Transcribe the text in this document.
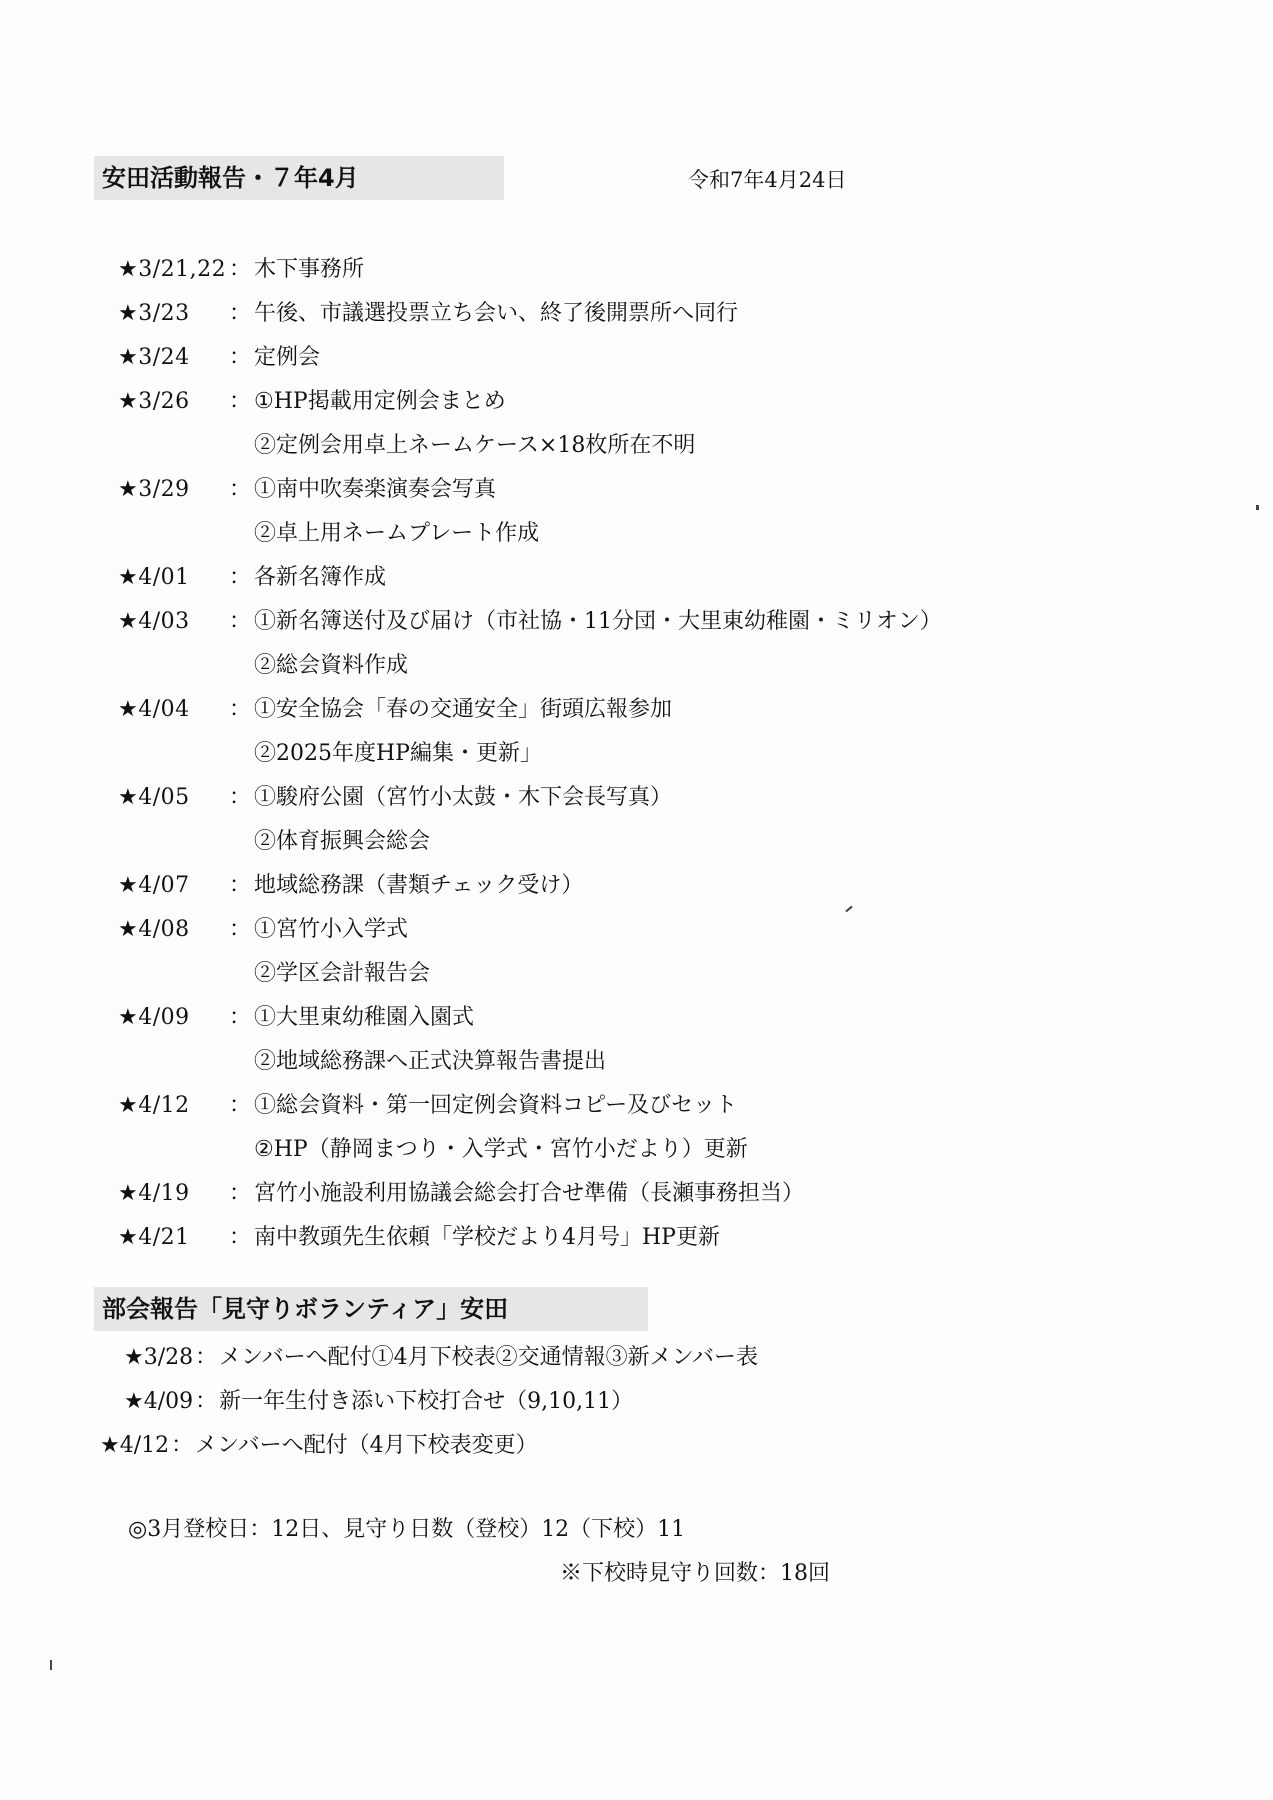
安田活動報告・７年4月	令和7年4月24日
★3/21,22 ： 木下事務所
★3/23 ： 午後、市議選投票立ち会い、終了後開票所へ同行
★3/24 ： 定例会
★3/26 ： ①HP掲載用定例会まとめ
②定例会用卓上ネームケース×18枚所在不明
★3/29 ： ①南中吹奏楽演奏会写真
②卓上用ネームプレート作成
★4/01 ： 各新名簿作成
★4/03 ： ①新名簿送付及び届け（市社協・11分団・大里東幼稚園・ミリオン）
②総会資料作成
★4/04 ： ①安全協会「春の交通安全」街頭広報参加
②2025年度HP編集・更新」
★4/05 ： ①駿府公園（宮竹小太鼓・木下会長写真）
②体育振興会総会
★4/07 ： 地域総務課（書類チェック受け）
★4/08 ： ①宮竹小入学式
②学区会計報告会
★4/09 ： ①大里東幼稚園入園式
②地域総務課へ正式決算報告書提出
★4/12 ： ①総会資料・第一回定例会資料コピー及びセット
②HP（静岡まつり・入学式・宮竹小だより）更新
★4/19 ： 宮竹小施設利用協議会総会打合せ準備（長瀬事務担当）
★4/21 ： 南中教頭先生依頼「学校だより4月号」HP更新
部会報告「見守りボランティア」安田
★3/28：メンバーへ配付①4月下校表②交通情報③新メンバー表
★4/09：新一年生付き添い下校打合せ（9,10,11）
★4/12：メンバーへ配付（4月下校表変更）
◎3月登校日：12日、見守り日数（登校）12（下校）11
※下校時見守り回数：18回
